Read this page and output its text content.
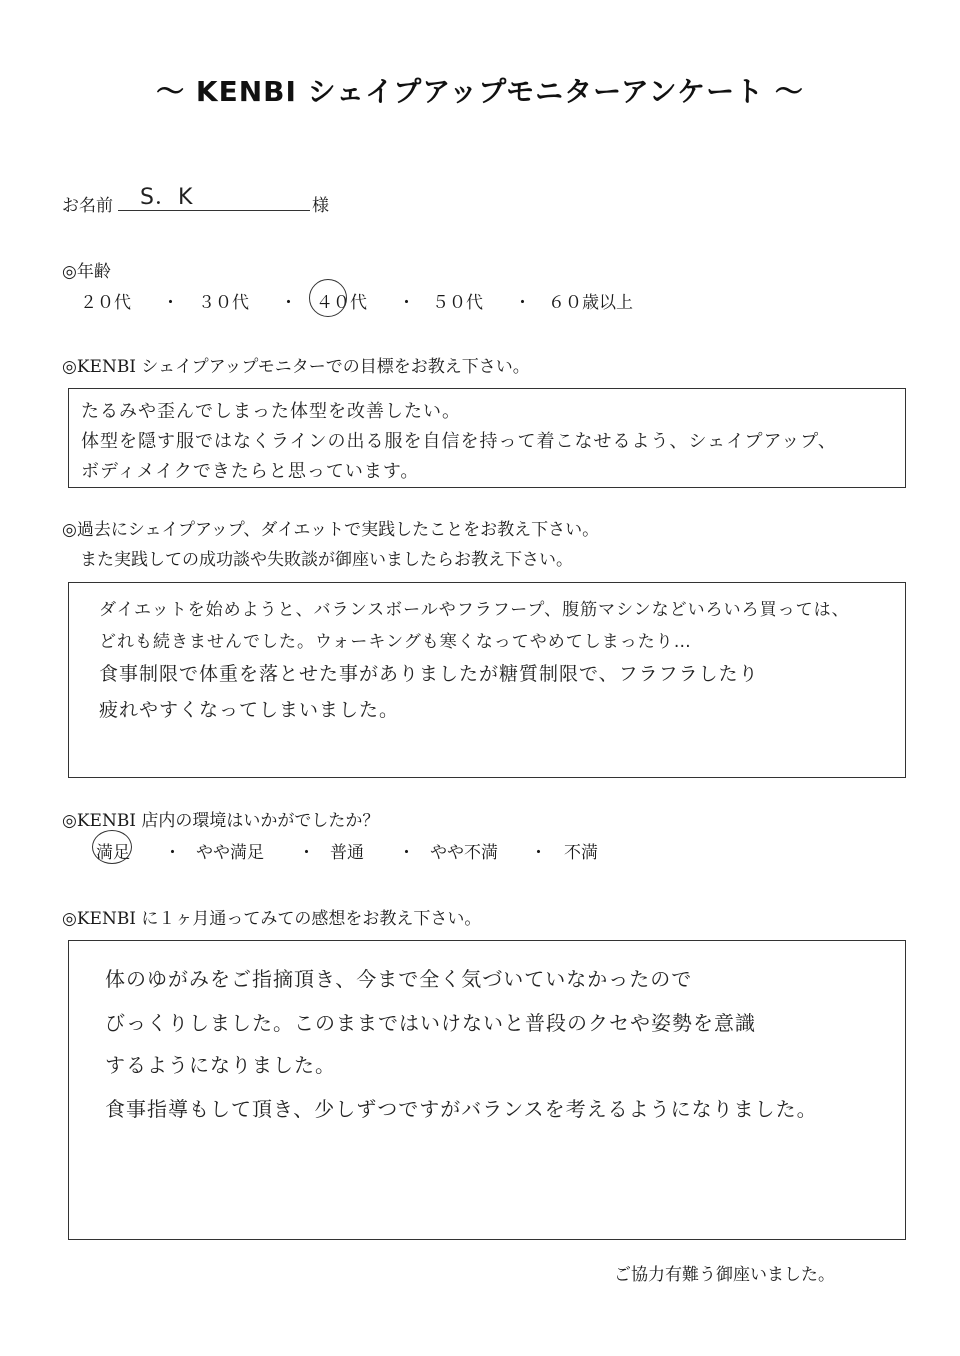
～ KENBI シェイプアップモニターアンケート ～
お名前 S．K	様
◎年齢
２０代 ・ ３０代 ・ ４０代 ・ ５０代 ・ ６０歳以上
◎KENBI シェイプアップモニターでの目標をお教え下さい。
たるみや歪んでしまった体型を改善したい。
体型を隠す服ではなくラインの出る服を自信を持って着こなせるよう、シェイプアップ、
ボディメイクできたらと思っています。
◎過去にシェイプアップ、ダイエットで実践したことをお教え下さい。
また実践しての成功談や失敗談が御座いましたらお教え下さい。
ダイエットを始めようと、バランスボールやフラフープ、腹筋マシンなどいろいろ買っては、
どれも続きませんでした。ウォーキングも寒くなってやめてしまったり…
食事制限で体重を落とせた事がありましたが糖質制限で、フラフラしたり
疲れやすくなってしまいました。
◎KENBI 店内の環境はいかがでしたか？
満足 ・ やや満足 ・ 普通 ・ やや不満 ・ 不満
◎KENBI に１ヶ月通ってみての感想をお教え下さい。
体のゆがみをご指摘頂き、今まで全く気づいていなかったので
びっくりしました。このままではいけないと普段のクセや姿勢を意識
するようになりました。
食事指導もして頂き、少しずつですがバランスを考えるようになりました。
ご協力有難う御座いました。
